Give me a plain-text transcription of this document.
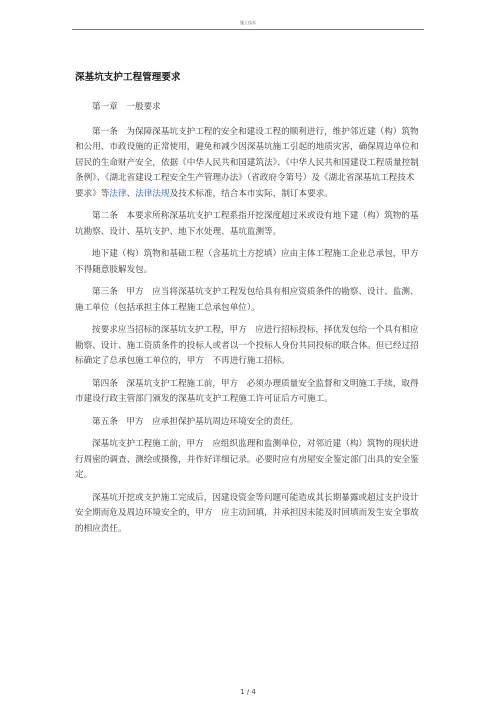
施工技术
深基坑支护工程管理要求

第一章　一般要求

第一条　为保障深基坑支护工程的安全和建设工程的顺利进行，维护邻近建（构）筑物和公用、市政设施的正常使用，避免和减少因深基坑施工引起的地质灾害，确保周边单位和居民的生命财产安全，依据《中华人民共和国建筑法》、《中华人民共和国建设工程质量控制条例》、《湖北省建设工程安全生产管理办法》（省政府令第号）及《湖北省深基坑工程技术要求》等法律、法律法规及技术标准，结合本市实际，制订本要求。

第二条　本要求所称深基坑支护工程系指开挖深度超过米或设有地下建（构）筑物的基坑勘察、设计、基坑支护、地下水处理、基坑监测等。

地下建（构）筑物和基础工程（含基坑土方挖填）应由主体工程施工企业总承包，甲方　不得随意肢解发包。

第三条　甲方　应当将深基坑支护工程发包给具有相应资质条件的勘察、设计、监测、施工单位（包括承担主体工程施工总承包单位）。

按要求应当招标的深基坑支护工程，甲方　应进行招标投标，择优发包给一个具有相应勘察、设计、施工资质条件的投标人或者以一个投标人身份共同投标的联合体。但已经过招标确定了总承包施工单位的，甲方　不再进行施工招标。

第四条　深基坑支护工程施工前，甲方　必须办理质量安全监督和文明施工手续，取得市建设行政主管部门颁发的深基坑支护工程施工许可证后方可施工。

第五条　甲方　应承担保护基坑周边环境安全的责任。

深基坑支护工程施工前，甲方　应组织监理和监测单位，对邻近建（构）筑物的现状进行周密的调查、测绘或摄像，并作好详细记录。必要时应有房屋安全鉴定部门出具的安全鉴定。

深基坑开挖或支护施工完成后，因建设资金等问题可能造成其长期暴露或超过支护设计安全期而危及周边环境安全的，甲方　应主动回填，并承担因未能及时回填而发生安全事故的相应责任。

1 / 4
